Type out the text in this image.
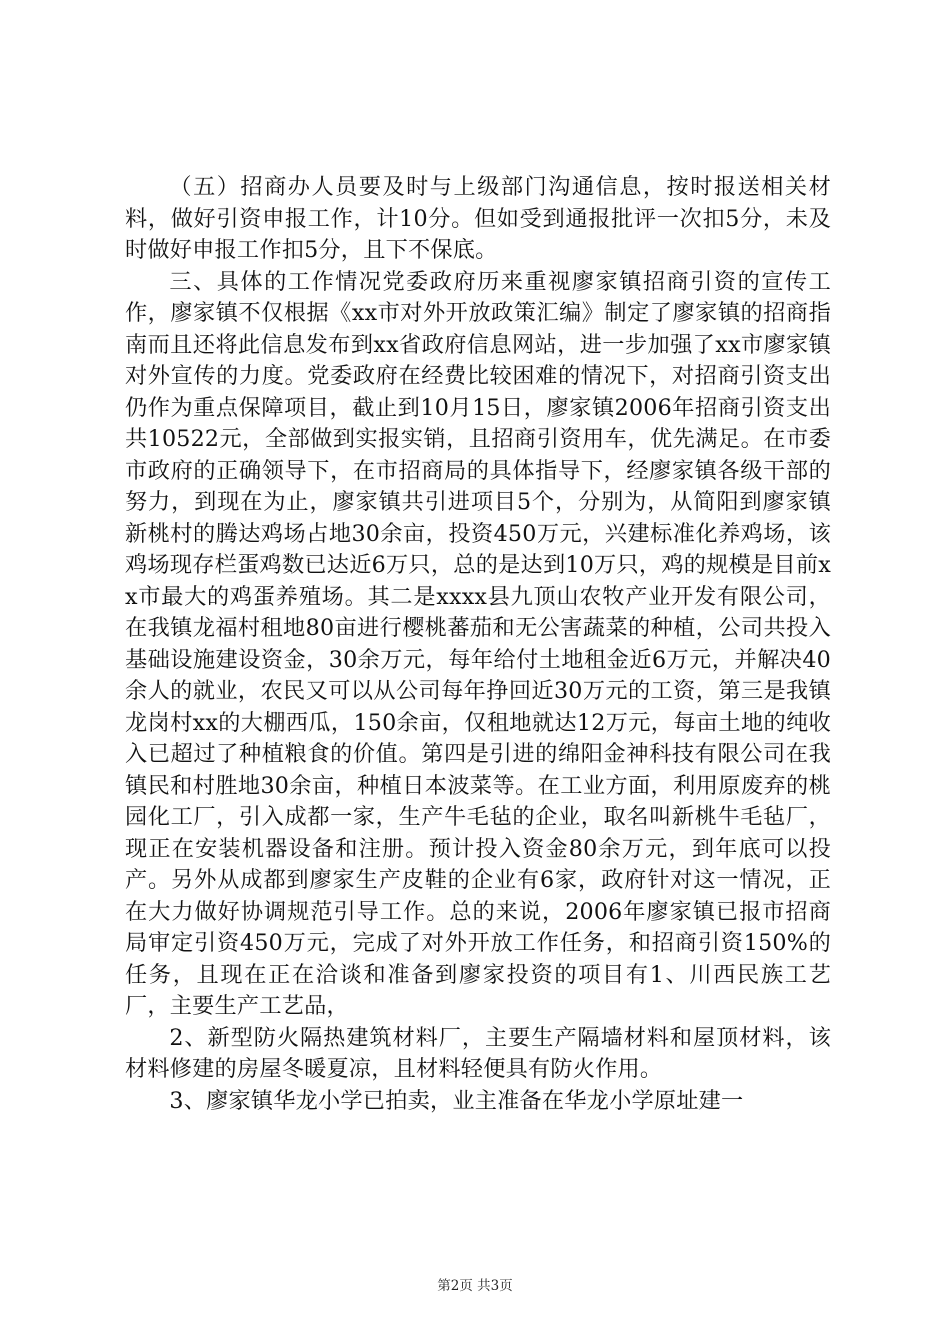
（五）招商办人员要及时与上级部门沟通信息，按时报送相关材料，做好引资申报工作，计10分。但如受到通报批评一次扣5分，未及时做好申报工作扣5分，且下不保底。

三、具体的工作情况党委政府历来重视廖家镇招商引资的宣传工作，廖家镇不仅根据《xx市对外开放政策汇编》制定了廖家镇的招商指南而且还将此信息发布到xx省政府信息网站，进一步加强了xx市廖家镇对外宣传的力度。党委政府在经费比较困难的情况下，对招商引资支出仍作为重点保障项目，截止到10月15日，廖家镇2006年招商引资支出共10522元，全部做到实报实销，且招商引资用车，优先满足。在市委市政府的正确领导下，在市招商局的具体指导下，经廖家镇各级干部的努力，到现在为止，廖家镇共引进项目5个，分别为，从简阳到廖家镇新桃村的腾达鸡场占地30余亩，投资450万元，兴建标准化养鸡场，该鸡场现存栏蛋鸡数已达近6万只，总的是达到10万只，鸡的规模是目前xx市最大的鸡蛋养殖场。其二是xxxx县九顶山农牧产业开发有限公司，在我镇龙福村租地80亩进行樱桃蕃茄和无公害蔬菜的种植，公司共投入基础设施建设资金，30余万元，每年给付土地租金近6万元，并解决40余人的就业，农民又可以从公司每年挣回近30万元的工资，第三是我镇龙岗村xx的大棚西瓜，150余亩，仅租地就达12万元，每亩土地的纯收入已超过了种植粮食的价值。第四是引进的绵阳金神科技有限公司在我镇民和村胜地30余亩，种植日本波菜等。在工业方面，利用原废弃的桃园化工厂，引入成都一家，生产牛毛毡的企业，取名叫新桃牛毛毡厂，现正在安装机器设备和注册。预计投入资金80余万元，到年底可以投产。另外从成都到廖家生产皮鞋的企业有6家，政府针对这一情况，正在大力做好协调规范引导工作。总的来说，2006年廖家镇已报市招商局审定引资450万元，完成了对外开放工作任务，和招商引资150%的任务，且现在正在洽谈和准备到廖家投资的项目有1、川西民族工艺厂，主要生产工艺品，

2、新型防火隔热建筑材料厂，主要生产隔墙材料和屋顶材料，该材料修建的房屋冬暖夏凉，且材料轻便具有防火作用。

3、廖家镇华龙小学已拍卖，业主准备在华龙小学原址建一

第2页 共3页
